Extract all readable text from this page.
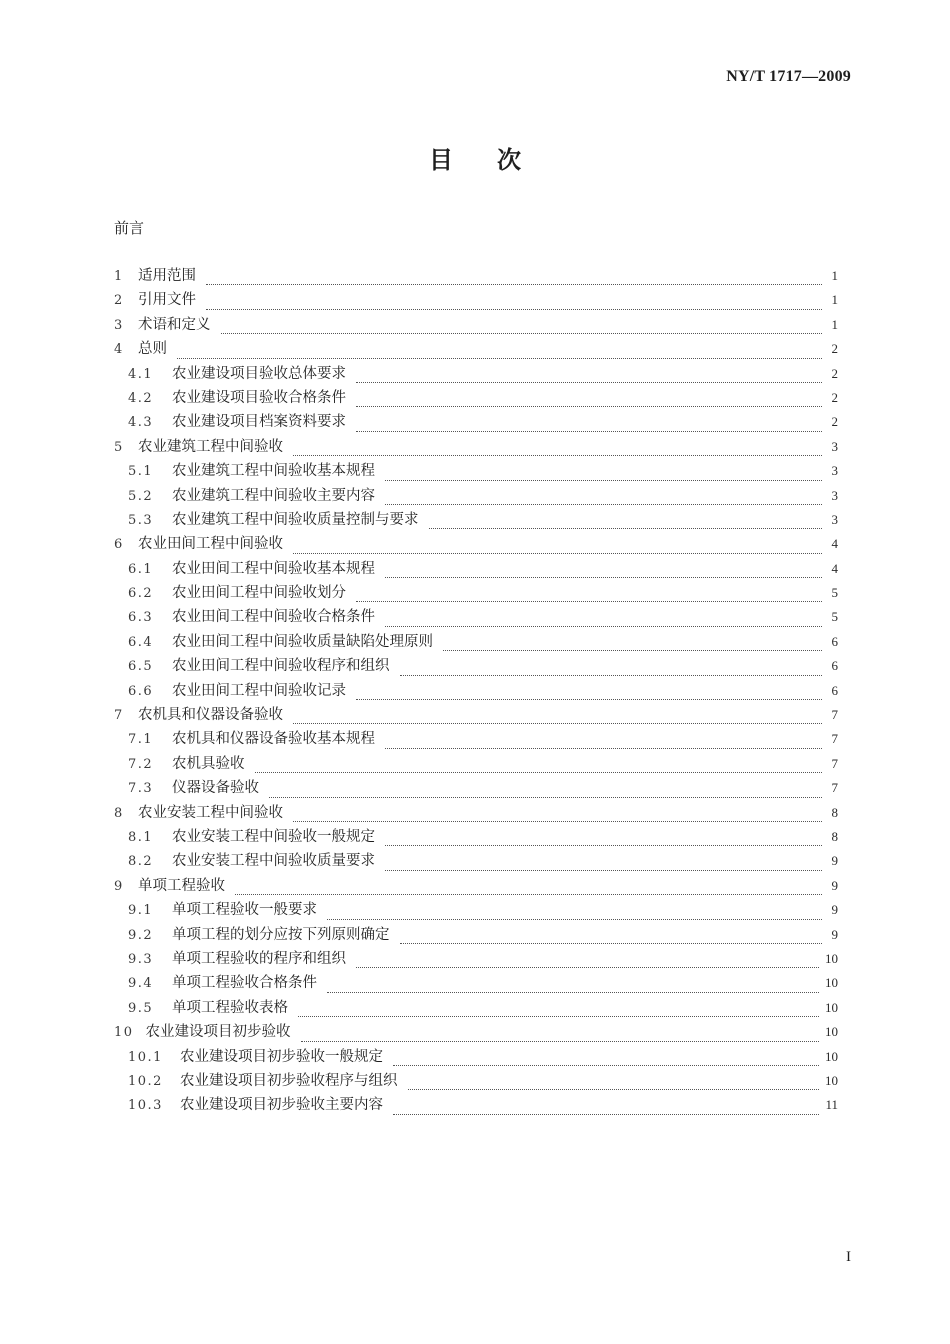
NY/T 1717—2009
目次
前言
1 适用范围	1
2 引用文件	1
3 术语和定义	1
4 总则	2
4.1	农业建设项目验收总体要求	2
4.2	农业建设项目验收合格条件	2
4.3	农业建设项目档案资料要求	2
5 农业建筑工程中间验收	3
5.1	农业建筑工程中间验收基本规程	3
5.2	农业建筑工程中间验收主要内容	3
5.3	农业建筑工程中间验收质量控制与要求	3
6 农业田间工程中间验收	4
6.1	农业田间工程中间验收基本规程	4
6.2	农业田间工程中间验收划分	5
6.3	农业田间工程中间验收合格条件	5
6.4	农业田间工程中间验收质量缺陷处理原则	6
6.5	农业田间工程中间验收程序和组织	6
6.6	农业田间工程中间验收记录	6
7 农机具和仪器设备验收	7
7.1	农机具和仪器设备验收基本规程	7
7.2	农机具验收	7
7.3	仪器设备验收	7
8 农业安装工程中间验收	8
8.1	农业安装工程中间验收一般规定	8
8.2	农业安装工程中间验收质量要求	9
9 单项工程验收	9
9.1	单项工程验收一般要求	9
9.2	单项工程的划分应按下列原则确定	9
9.3	单项工程验收的程序和组织	10
9.4	单项工程验收合格条件	10
9.5	单项工程验收表格	10
10 农业建设项目初步验收	10
10.1	农业建设项目初步验收一般规定	10
10.2	农业建设项目初步验收程序与组织	10
10.3	农业建设项目初步验收主要内容	11
I
